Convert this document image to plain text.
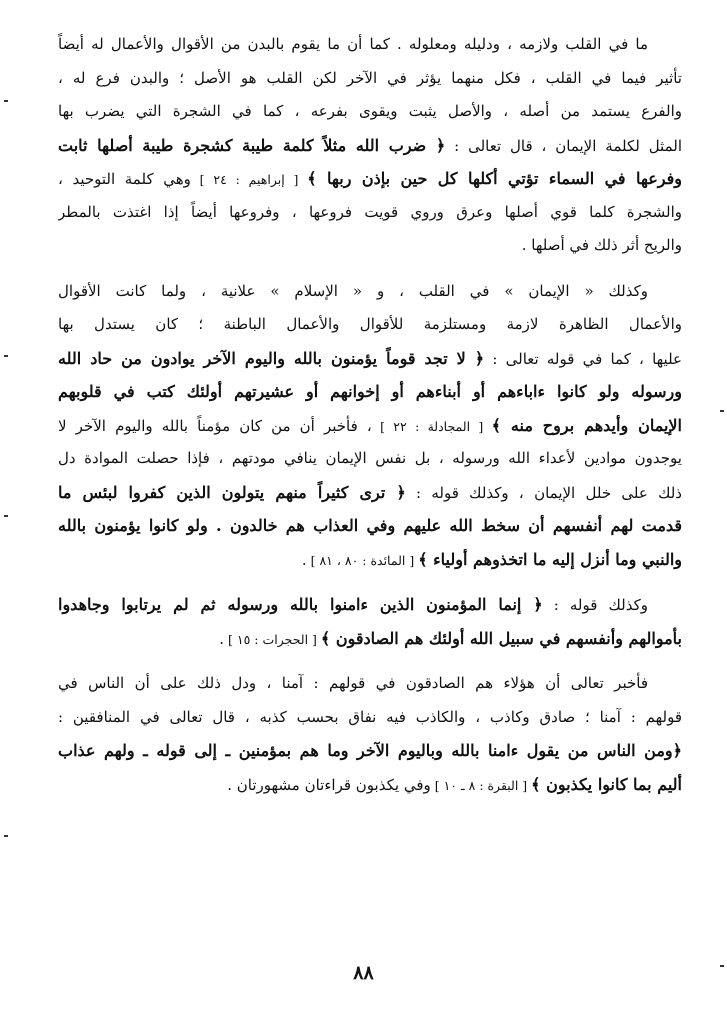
ما في القلب ولازمه ، ودليله ومعلوله . كما أن ما يقوم بالبدن من الأقوال والأعمال له أيضاً
تأثير فيما في القلب ، فكل منهما يؤثر في الآخر لكن القلب هو الأصل ؛ والبدن فرع له ،
والفرع يستمد من أصله ، والأصل يثبت ويقوى بفرعه ، كما في الشجرة التي يضرب بها
المثل لكلمة الإيمان ، قال تعالى : ﴿ ضرب الله مثلاً كلمة طيبة كشجرة طيبة أصلها ثابت
وفرعها في السماء تؤتي أكلها كل حين بإذن ربها ﴾ [ إبراهيم : ٢٤ ] وهي كلمة التوحيد ،
والشجرة كلما قوي أصلها وعرق وروي قويت فروعها ، وفروعها أيضاً إذا اغتذت بالمطر
والريح أثر ذلك في أصلها .
وكذلك « الإيمان » في القلب ، و « الإسلام » علانية ، ولما كانت الأقوال
والأعمال الظاهرة لازمة ومستلزمة للأقوال والأعمال الباطنة ؛ كان يستدل بها
عليها ، كما في قوله تعالى : ﴿ لا تجد قوماً يؤمنون بالله واليوم الآخر يوادون من حاد الله
ورسوله ولو كانوا ءاباءهم أو أبناءهم أو إخوانهم أو عشيرتهم أولئك كتب في قلوبهم
الإيمان وأيدهم بروح منه ﴾ [ المجادلة : ٢٢ ] ، فأخبر أن من كان مؤمناً بالله واليوم الآخر لا
يوجدون موادين لأعداء الله ورسوله ، بل نفس الإيمان ينافي مودتهم ، فإذا حصلت الموادة دل
ذلك على خلل الإيمان ، وكذلك قوله : ﴿ ترى كثيراً منهم يتولون الذين كفروا لبئس ما
قدمت لهم أنفسهم أن سخط الله عليهم وفي العذاب هم خالدون . ولو كانوا يؤمنون بالله
والنبي وما أنزل إليه ما اتخذوهم أولياء ﴾ [ المائدة : ٨٠ ، ٨١ ] .
وكذلك قوله : ﴿ إنما المؤمنون الذين ءامنوا بالله ورسوله ثم لم يرتابوا وجاهدوا
بأموالهم وأنفسهم في سبيل الله أولئك هم الصادقون ﴾ [ الحجرات : ١٥ ] .
فأخبر تعالى أن هؤلاء هم الصادقون في قولهم : آمنا ، ودل ذلك على أن الناس في
قولهم : آمنا ؛ صادق وكاذب ، والكاذب فيه نفاق بحسب كذبه ، قال تعالى في المنافقين :
﴿ومن الناس من يقول ءامنا بالله وباليوم الآخر وما هم بمؤمنين ـ إلى قوله ـ ولهم عذاب
أليم بما كانوا يكذبون ﴾ [ البقرة : ٨ ـ ١٠ ] وفي يكذبون قراءتان مشهورتان .
٨٨
